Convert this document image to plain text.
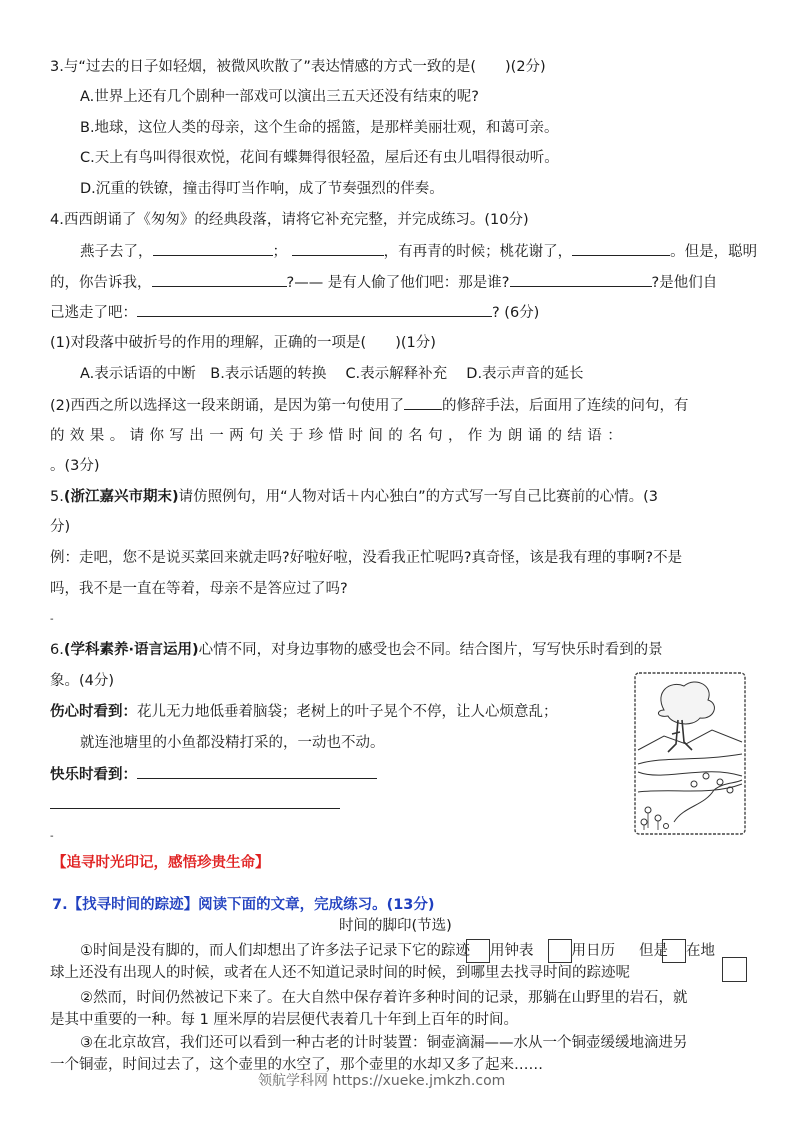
3.与“过去的日子如轻烟，被微风吹散了”表达情感的方式一致的是(　　)(2分)
A.世界上还有几个剧种一部戏可以演出三五天还没有结束的呢?
B.地球，这位人类的母亲，这个生命的摇篮，是那样美丽壮观，和蔼可亲。
C.天上有鸟叫得很欢悦，花间有蝶舞得很轻盈，屋后还有虫儿唱得很动听。
D.沉重的铁镣，撞击得叮当作响，成了节奏强烈的伴奏。
4.西西朗诵了《匆匆》的经典段落，请将它补充完整，并完成练习。(10分)
燕子去了，	；	，有再青的时候；桃花谢了，	。但是，聪明
的，你告诉我，	?—— 是有人偷了他们吧：那是谁?	?是他们自
己逃走了吧：	? (6分)
(1)对段落中破折号的作用的理解，正确的一项是(　　)(1分)
A.表示话语的中断　B.表示话题的转换　 C.表示解释补充　 D.表示声音的延长
(2)西西之所以选择这一段来朗诵，是因为第一句使用了	的修辞手法，后面用了连续的问句，有
的效果。请你写出一两句关于珍惜时间的名句，作为朗诵的结语：
。(3分)
5.(浙江嘉兴市期末)请仿照例句，用“人物对话＋内心独白”的方式写一写自己比赛前的心情。(3
分)
例：走吧，您不是说买菜回来就走吗?好啦好啦，没看我正忙呢吗?真奇怪，该是我有理的事啊?不是
吗，我不是一直在等着，母亲不是答应过了吗?
-
6.(学科素养·语言运用)心情不同，对身边事物的感受也会不同。结合图片，写写快乐时看到的景
象。(4分)
伤心时看到：花儿无力地低垂着脑袋；老树上的叶子晃个不停，让人心烦意乱；
就连池塘里的小鱼都没精打采的，一动也不动。
快乐时看到：
-
【追寻时光印记，感悟珍贵生命】
7.【找寻时间的踪迹】阅读下面的文章，完成练习。(13分)
时间的脚印(节选)
①时间是没有脚的，而人们却想出了许多法子记录下它的踪迹 用钟表	用日历 但是 在地
球上还没有出现人的时候，或者在人还不知道记录时间的时候，到哪里去找寻时间的踪迹呢
②然而，时间仍然被记下来了。在大自然中保存着许多种时间的记录，那躺在山野里的岩石，就
是其中重要的一种。每 1 厘米厚的岩层便代表着几十年到上百年的时间。
③在北京故宫，我们还可以看到一种古老的计时装置：铜壶滴漏——水从一个铜壶缓缓地滴进另
一个铜壶，时间过去了，这个壶里的水空了，那个壶里的水却又多了起来……
领航学科网 https://xueke.jmkzh.com
